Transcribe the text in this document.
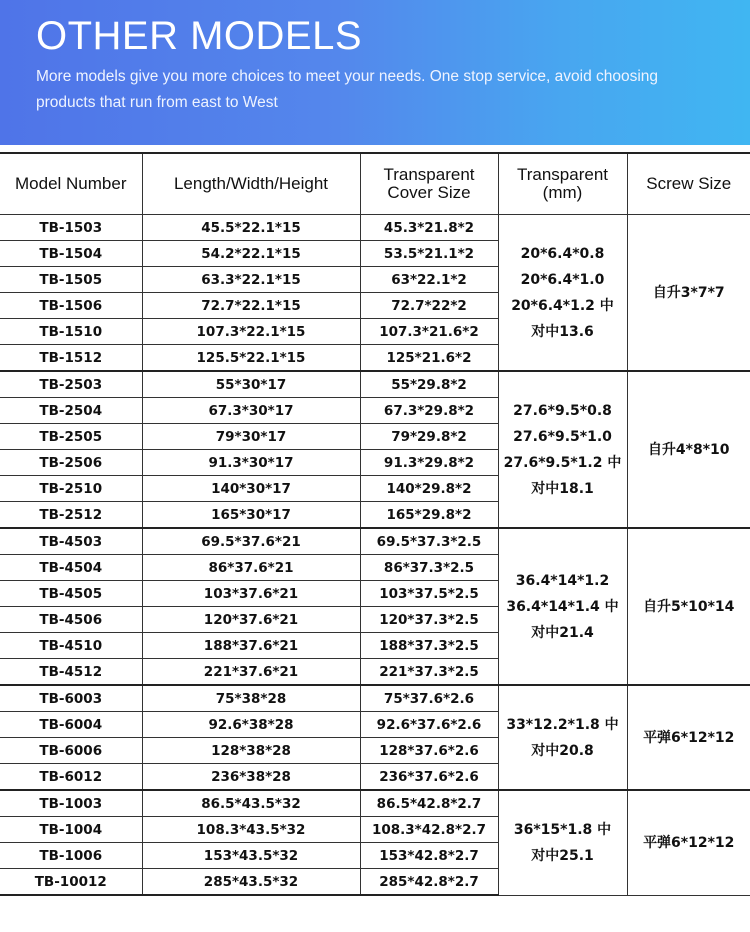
OTHER MODELS
More models give you more choices to meet your needs. One stop service, avoid choosing products that run from east to West
Model Number	Length/Width/Height	Transparent Cover Size	Transparent (mm)	Screw Size
TB-1503	45.5*22.1*15	45.3*21.8*2	20*6.4*0.8
20*6.4*1.0
20*6.4*1.2 中
对中13.6	自升3*7*7
TB-1504	54.2*22.1*15	53.5*21.1*2		
TB-1505	63.3*22.1*15	63*22.1*2		
TB-1506	72.7*22.1*15	72.7*22*2		
TB-1510	107.3*22.1*15	107.3*21.6*2		
TB-1512	125.5*22.1*15	125*21.6*2		
TB-2503	55*30*17	55*29.8*2	27.6*9.5*0.8
27.6*9.5*1.0
27.6*9.5*1.2 中
对中18.1	自升4*8*10
TB-2504	67.3*30*17	67.3*29.8*2		
TB-2505	79*30*17	79*29.8*2		
TB-2506	91.3*30*17	91.3*29.8*2		
TB-2510	140*30*17	140*29.8*2		
TB-2512	165*30*17	165*29.8*2		
TB-4503	69.5*37.6*21	69.5*37.3*2.5	36.4*14*1.2
36.4*14*1.4 中
对中21.4	自升5*10*14
TB-4504	86*37.6*21	86*37.3*2.5		
TB-4505	103*37.6*21	103*37.5*2.5		
TB-4506	120*37.6*21	120*37.3*2.5		
TB-4510	188*37.6*21	188*37.3*2.5		
TB-4512	221*37.6*21	221*37.3*2.5		
TB-6003	75*38*28	75*37.6*2.6	33*12.2*1.8 中
对中20.8	平弹6*12*12
TB-6004	92.6*38*28	92.6*37.6*2.6		
TB-6006	128*38*28	128*37.6*2.6		
TB-6012	236*38*28	236*37.6*2.6		
TB-1003	86.5*43.5*32	86.5*42.8*2.7	36*15*1.8 中
对中25.1	平弹6*12*12
TB-1004	108.3*43.5*32	108.3*42.8*2.7		
TB-1006	153*43.5*32	153*42.8*2.7		
TB-10012	285*43.5*32	285*42.8*2.7		
